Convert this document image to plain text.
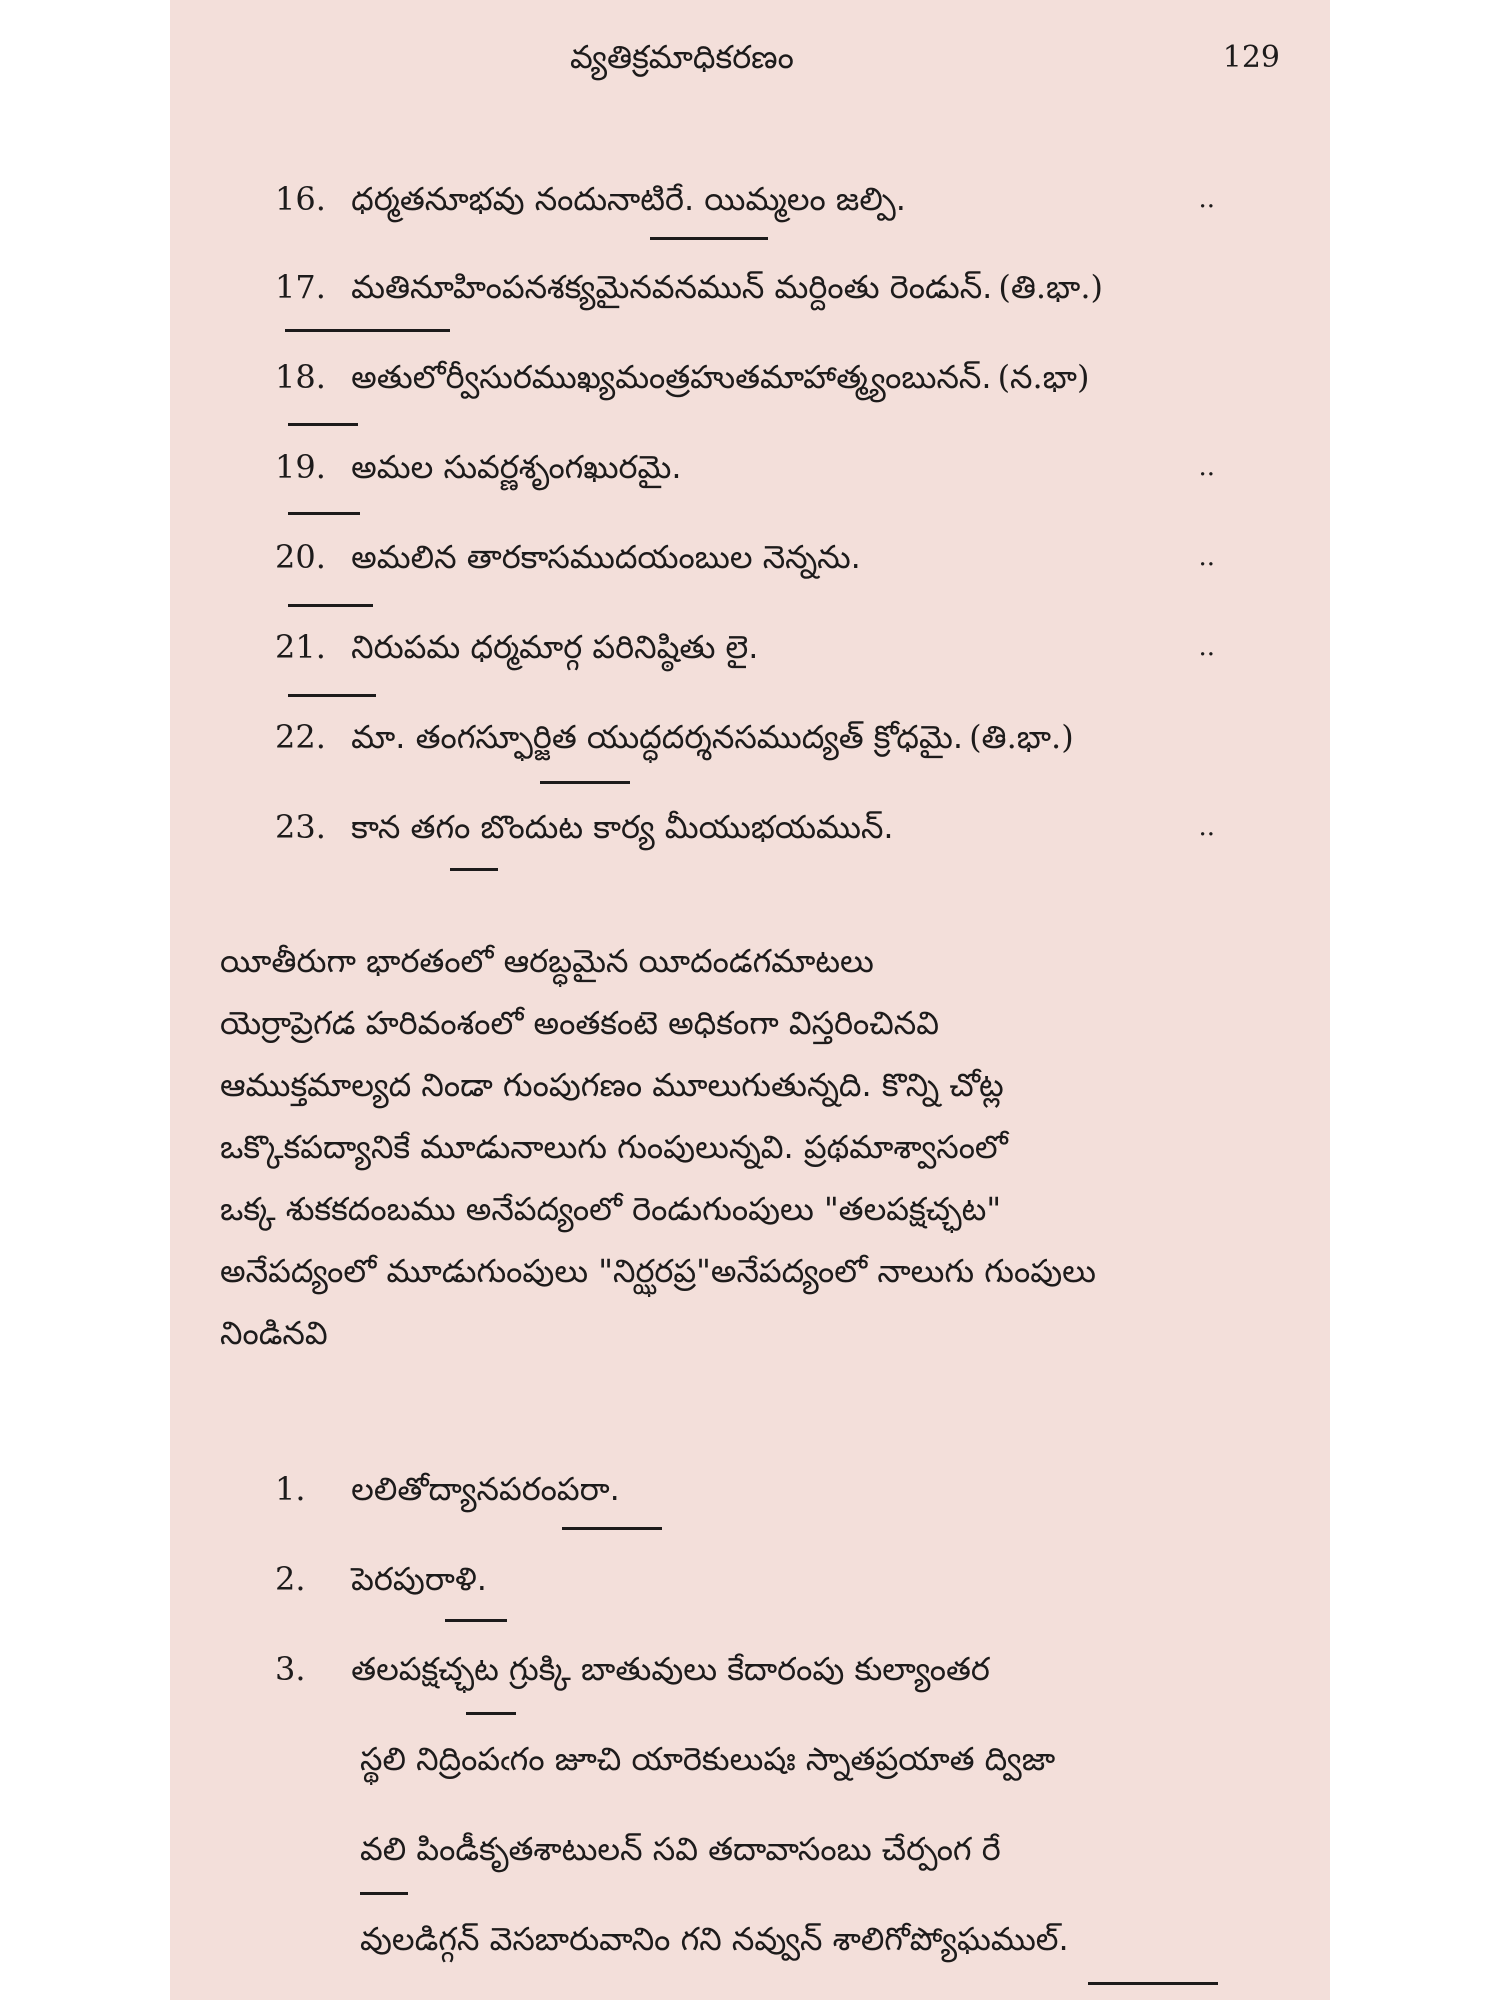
వ్యతిక్రమాధికరణం	129
16. ధర్మతనూభవు నందునాటిరే. యిమ్మలం జల్పి.	..
17. మతినూహింపనశక్యమైనవనమున్ మర్దింతు రెండున్. (తి.భా.)
18. అతులోర్వీసురముఖ్యమంత్రహుతమాహాత్మ్యంబునన్. (న.భా)
19. అమల సువర్ణశృంగఖురమై.	..
20. అమలిన తారకాసముదయంబుల నెన్నను.	..
21. నిరుపమ ధర్మమార్గ పరినిష్ఠితు లై.	..
22. మా. తంగస్ఫూర్జిత యుద్ధదర్శనసముద్యత్ క్రోధమై. (తి.భా.)
23. కాన తగం బొందుట కార్య మీయుభయమున్.	..
యీతీరుగా భారతంలో ఆరబ్ధమైన యీదండగమాటలు
యెర్రాప్రెగడ హరివంశంలో అంతకంటె అధికంగా విస్తరించినవి
ఆముక్తమాల్యద నిండా గుంపుగణం మూలుగుతున్నది. కొన్ని చోట్ల
ఒక్కొకపద్యానికే మూడునాలుగు గుంపులున్నవి. ప్రథమాశ్వాసంలో
ఒక్క శుకకదంబము అనేపద్యంలో రెండుగుంపులు "తలపక్షచ్ఛట"
అనేపద్యంలో మూడుగుంపులు "నిర్ఝరప్ర"అనేపద్యంలో నాలుగు గుంపులు
నిండినవి
1. లలితోద్యానపరంపరా.
2. పెరపురాళి.
3. తలపక్షచ్ఛట గ్రుక్కి బాతువులు కేదారంపు కుల్యాంతర
స్థలి నిద్రింపఁగం జూచి యారెకులుషః స్నాతప్రయాత ద్విజా
వలి పిండీకృతశాటులన్ సవి తదావాసంబు చేర్పంగ రే
వులడిగ్గన్ వెసబారువానిం గని నవ్వున్ శాలిగోప్యోఘముల్.
